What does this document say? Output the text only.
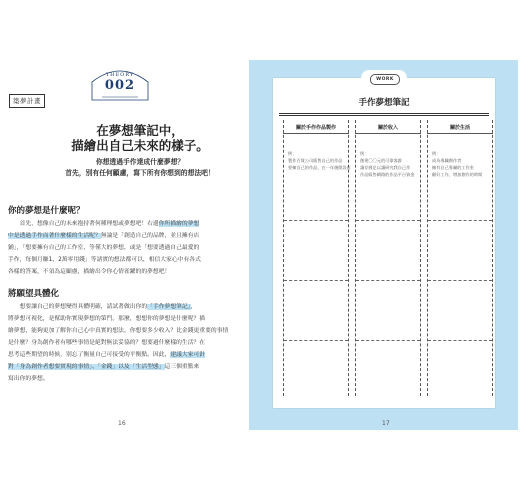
築夢計畫
THEORY
002
在夢想筆記中，
描繪出自己未來的樣子。
你想透過手作達成什麼夢想？
首先，別有任何顧慮，寫下所有你想到的想法吧！
你的夢想是什麼呢？

　　首先，想像自己的未來抱持著何種理想或夢想吧！右邊你所描繪的夢想
中是透過手作而著什麼樣的生活呢？無論是「創造自己的品牌，並且擁有店
鋪」，「想要擁有自己的工作室，等僅大的夢想，或是「想要透過自己最愛的
手作，每個月賺1、2萬零用錢」等諸實的想法都可以，相信大家心中有各式
各樣的答案，不須為這顧慮，描繪出令你心情雀躍的的夢想吧！

將願望具體化

　　想要讓自己的夢想變得具體明確，請試著做出你的「手作夢想筆記」，
將夢想可視化，是幫助你實現夢想的第門。那麼，想想你的夢想是什麼呢？描
繪夢想，能夠更加了解你自己心中真實的想法，你想要多少收入？比金錢更重要的事情
是什麼？身為創作者有哪些事情是絕對無法妥協的？想要過什麼樣的生活？在
思考這些期望的時候，別忘了衡量自己可接受的平衡點。因此，建議大家可針
對「身為創作者想要實現的事情」、「金錢」以及「生活型態」這三個重點來
寫出你的夢想。

16
WORK
手作夢想筆記
關於手作作品製作
例：
製作百貨公司販售自己的作品
要擁自己的作品，在一年後開設店
關於收入
例：
創建〇〇元的可靠客群
讓存錢足以讓研究我自己作
作品販售網路的作品平台資金
關於生活
例：
成為專職創作者
擁有自己專屬的工作室
顧好工作，增加創作的時間
17
